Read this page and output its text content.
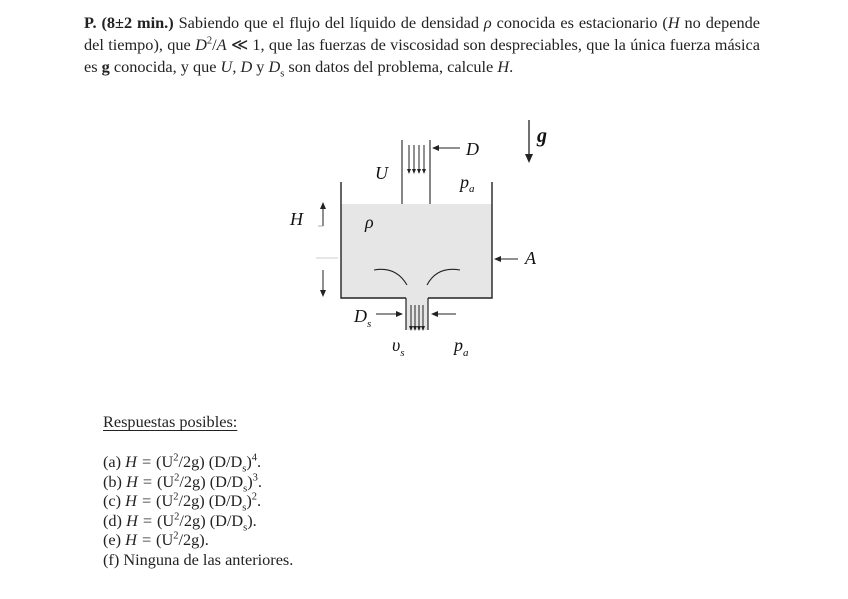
P. (8±2 min.) Sabiendo que el flujo del líquido de densidad ρ conocida es estacionario (H no depende del tiempo), que $D^2/A$ ≪ 1, que las fuerzas de viscosidad son despreciables, que la única fuerza másica es g conocida, y que U, D y $D_s$ son datos del problema, calcule H.
D
U	$p_a$
g
H	ρ
A
$D_s$
$\upsilon_s$	$p_a$
Respuestas posibles:
(a) $H = (U^2/2g)$ $(D/D_s)^4$.
(b) $H = (U^2/2g)$ $(D/D_s)^3$.
(c) $H = (U^2/2g)$ $(D/D_s)^2$.
(d) $H = (U^2/2g)$ $(D/D_s)$.
(e) $H = (U^2/2g)$.
(f) Ninguna de las anteriores.
